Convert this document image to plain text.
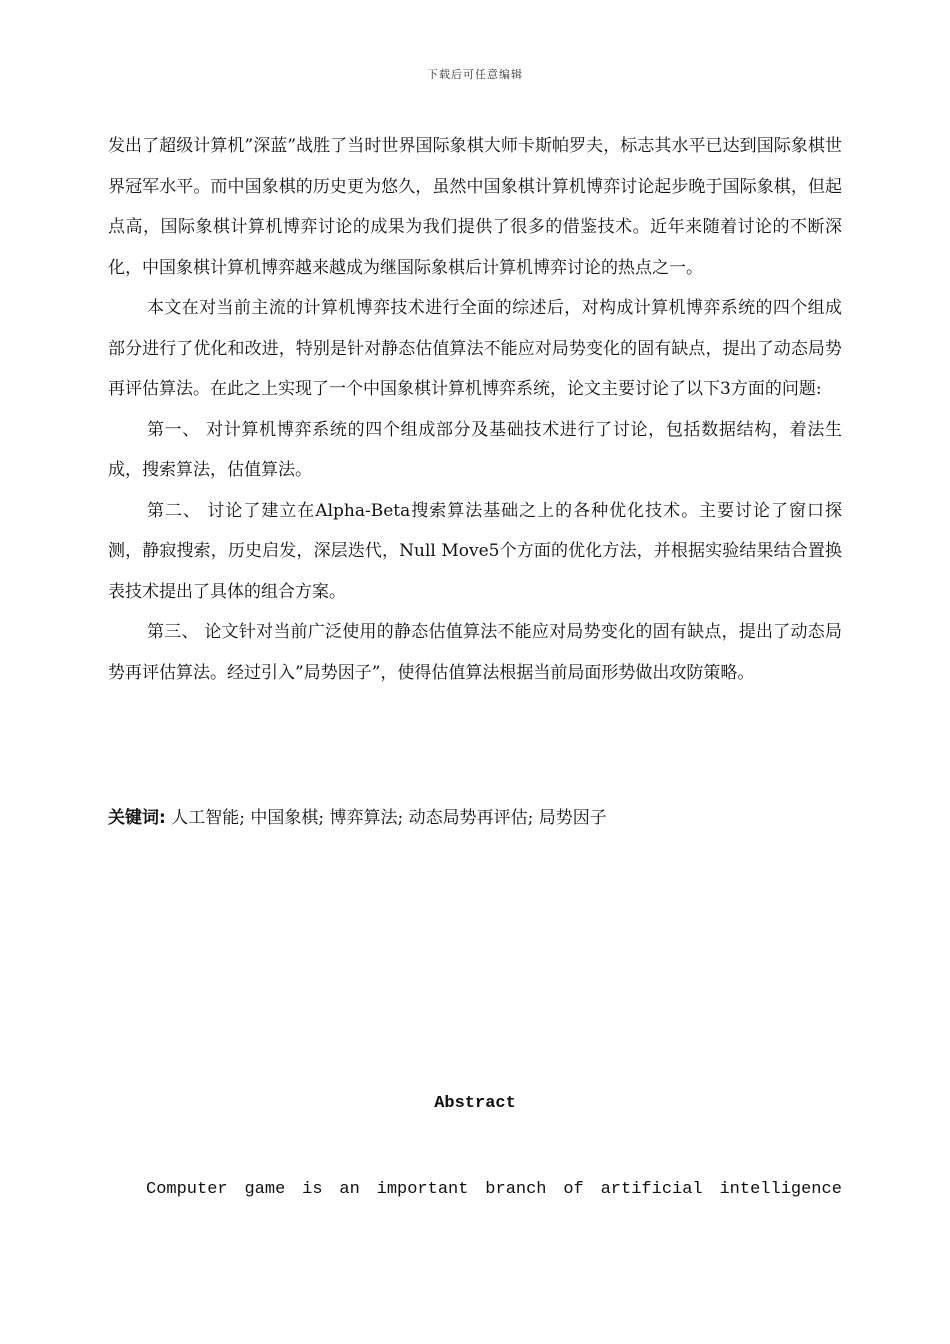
下载后可任意编辑

发出了超级计算机”深蓝”战胜了当时世界国际象棋大师卡斯帕罗夫，标志其水平已达到国际象棋世界冠军水平。而中国象棋的历史更为悠久，虽然中国象棋计算机博弈讨论起步晚于国际象棋，但起点高，国际象棋计算机博弈讨论的成果为我们提供了很多的借鉴技术。近年来随着讨论的不断深化，中国象棋计算机博弈越来越成为继国际象棋后计算机博弈讨论的热点之一。

本文在对当前主流的计算机博弈技术进行全面的综述后，对构成计算机博弈系统的四个组成部分进行了优化和改进，特别是针对静态估值算法不能应对局势变化的固有缺点，提出了动态局势再评估算法。在此之上实现了一个中国象棋计算机博弈系统，论文主要讨论了以下3方面的问题:

第一、 对计算机博弈系统的四个组成部分及基础技术进行了讨论，包括数据结构，着法生成，搜索算法，估值算法。

第二、 讨论了建立在Alpha-Beta搜索算法基础之上的各种优化技术。主要讨论了窗口探测，静寂搜索，历史启发，深层迭代，Null Move5个方面的优化方法，并根据实验结果结合置换表技术提出了具体的组合方案。

第三、 论文针对当前广泛使用的静态估值算法不能应对局势变化的固有缺点，提出了动态局势再评估算法。经过引入”局势因子”，使得估值算法根据当前局面形势做出攻防策略。

关键词: 人工智能; 中国象棋; 博弈算法; 动态局势再评估; 局势因子
Abstract
Computer game is an important branch of artificial intelligence
